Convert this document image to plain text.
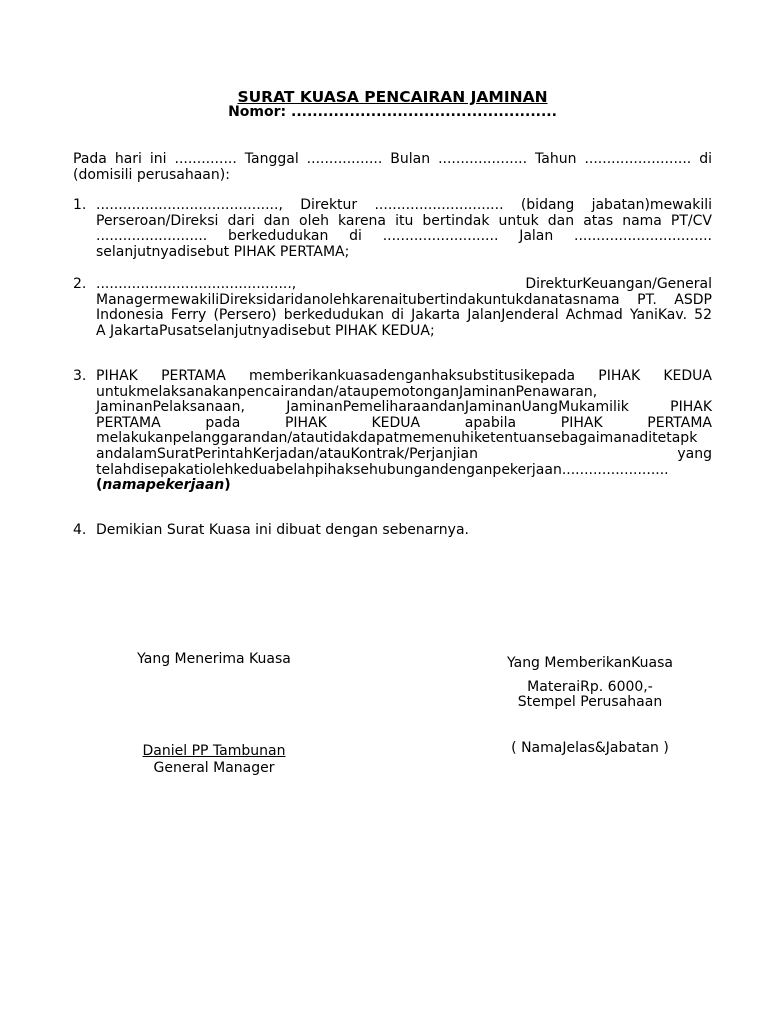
SURAT KUASA PENCAIRAN JAMINAN
Nomor: ..................................................
Pada hari ini .............. Tanggal ................. Bulan .................... Tahun ........................ di
(domisili perusahaan):
1. ........................................., Direktur ............................. (bidang jabatan)mewakili
Perseroan/Direksi dari dan oleh karena itu bertindak untuk dan atas nama PT/CV
......................... berkedudukan di .......................... Jalan ...............................
selanjutnyadisebut PIHAK PERTAMA;
2. ............................................, DirekturKeuangan/General
ManagermewakiliDireksidaridanolehkarenaitubertindakuntukdanatasnama PT. ASDP
Indonesia Ferry (Persero) berkedudukan di Jakarta JalanJenderal Achmad YaniKav. 52
A JakartaPusatselanjutnyadisebut PIHAK KEDUA;
3. PIHAK PERTAMA memberikankuasadenganhaksubstitusikepada PIHAK KEDUA
untukmelaksanakanpencairandan/ataupemotonganJaminanPenawaran,
JaminanPelaksanaan, JaminanPemeliharaandanJaminanUangMukamilik PIHAK
PERTAMA pada PIHAK KEDUA apabila PIHAK PERTAMA
melakukanpelanggarandan/atautidakdapatmemenuhiketentuansebagaimanaditetapk
andalamSuratPerintahKerjadan/atauKontrak/Perjanjian yang
telahdisepakatiolehkeduabelahpihaksehubungandenganpekerjaan........................
(namapekerjaan)
4. Demikian Surat Kuasa ini dibuat dengan sebenarnya.
Yang Menerima Kuasa
Daniel PP Tambunan
General Manager
Yang MemberikanKuasa
MateraiRp. 6000,-
Stempel Perusahaan
( NamaJelas&Jabatan )
